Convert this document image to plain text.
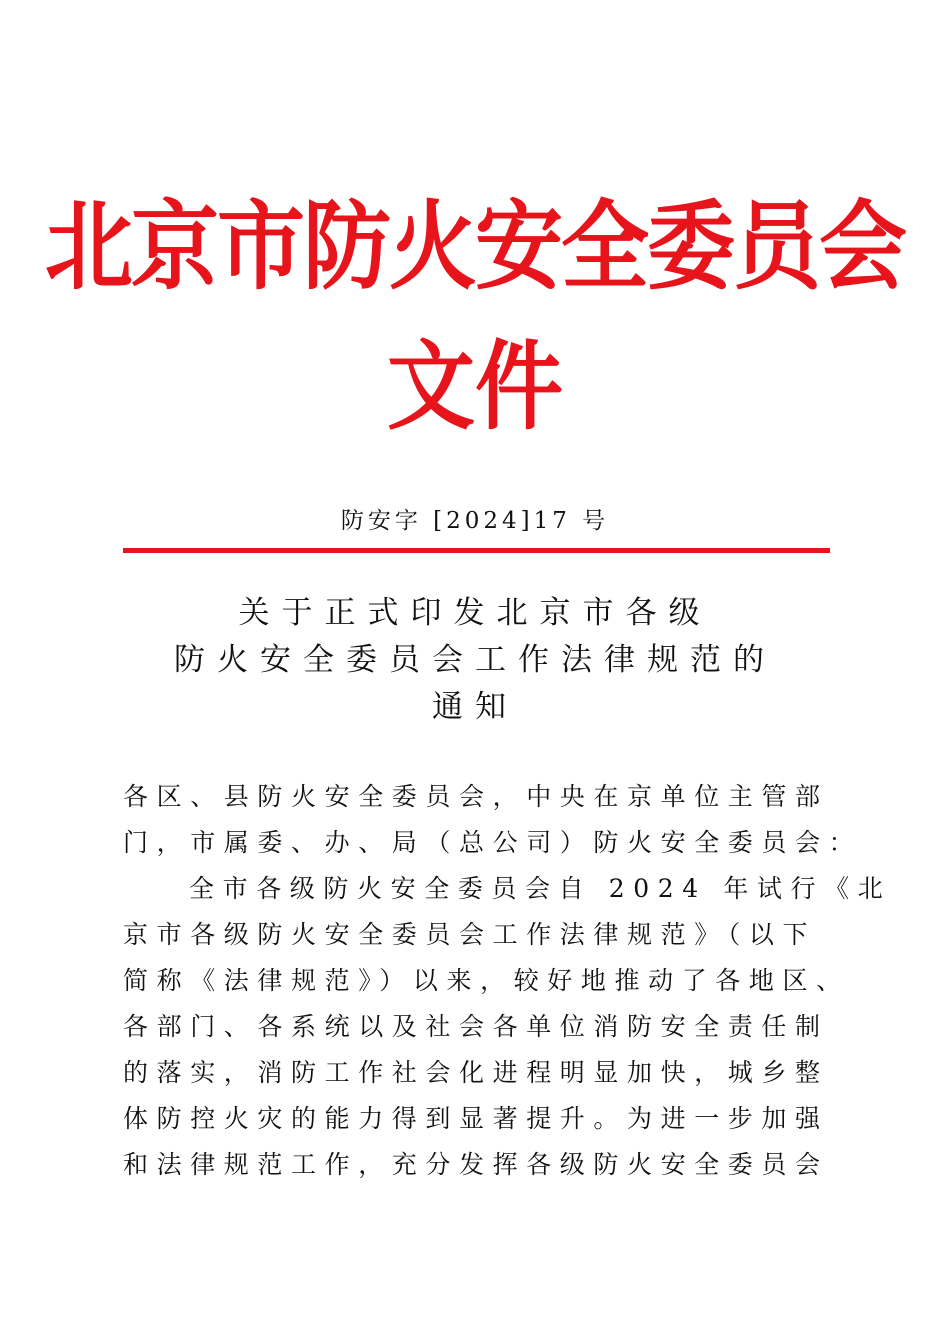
北京市防火安全委员会
文件
防安字 [2024]17 号
关于正式印发北京市各级
防火安全委员会工作法律规范的
通知
各区、县防火安全委员会，中央在京单位主管部
门，市属委、办、局（总公司）防火安全委员会：
全市各级防火安全委员会自 2024 年试行《北
京市各级防火安全委员会工作法律规范》（以下
简称《法律规范》）以来，较好地推动了各地区、
各部门、各系统以及社会各单位消防安全责任制
的落实，消防工作社会化进程明显加快，城乡整
体防控火灾的能力得到显著提升。为进一步加强
和法律规范工作，充分发挥各级防火安全委员会
